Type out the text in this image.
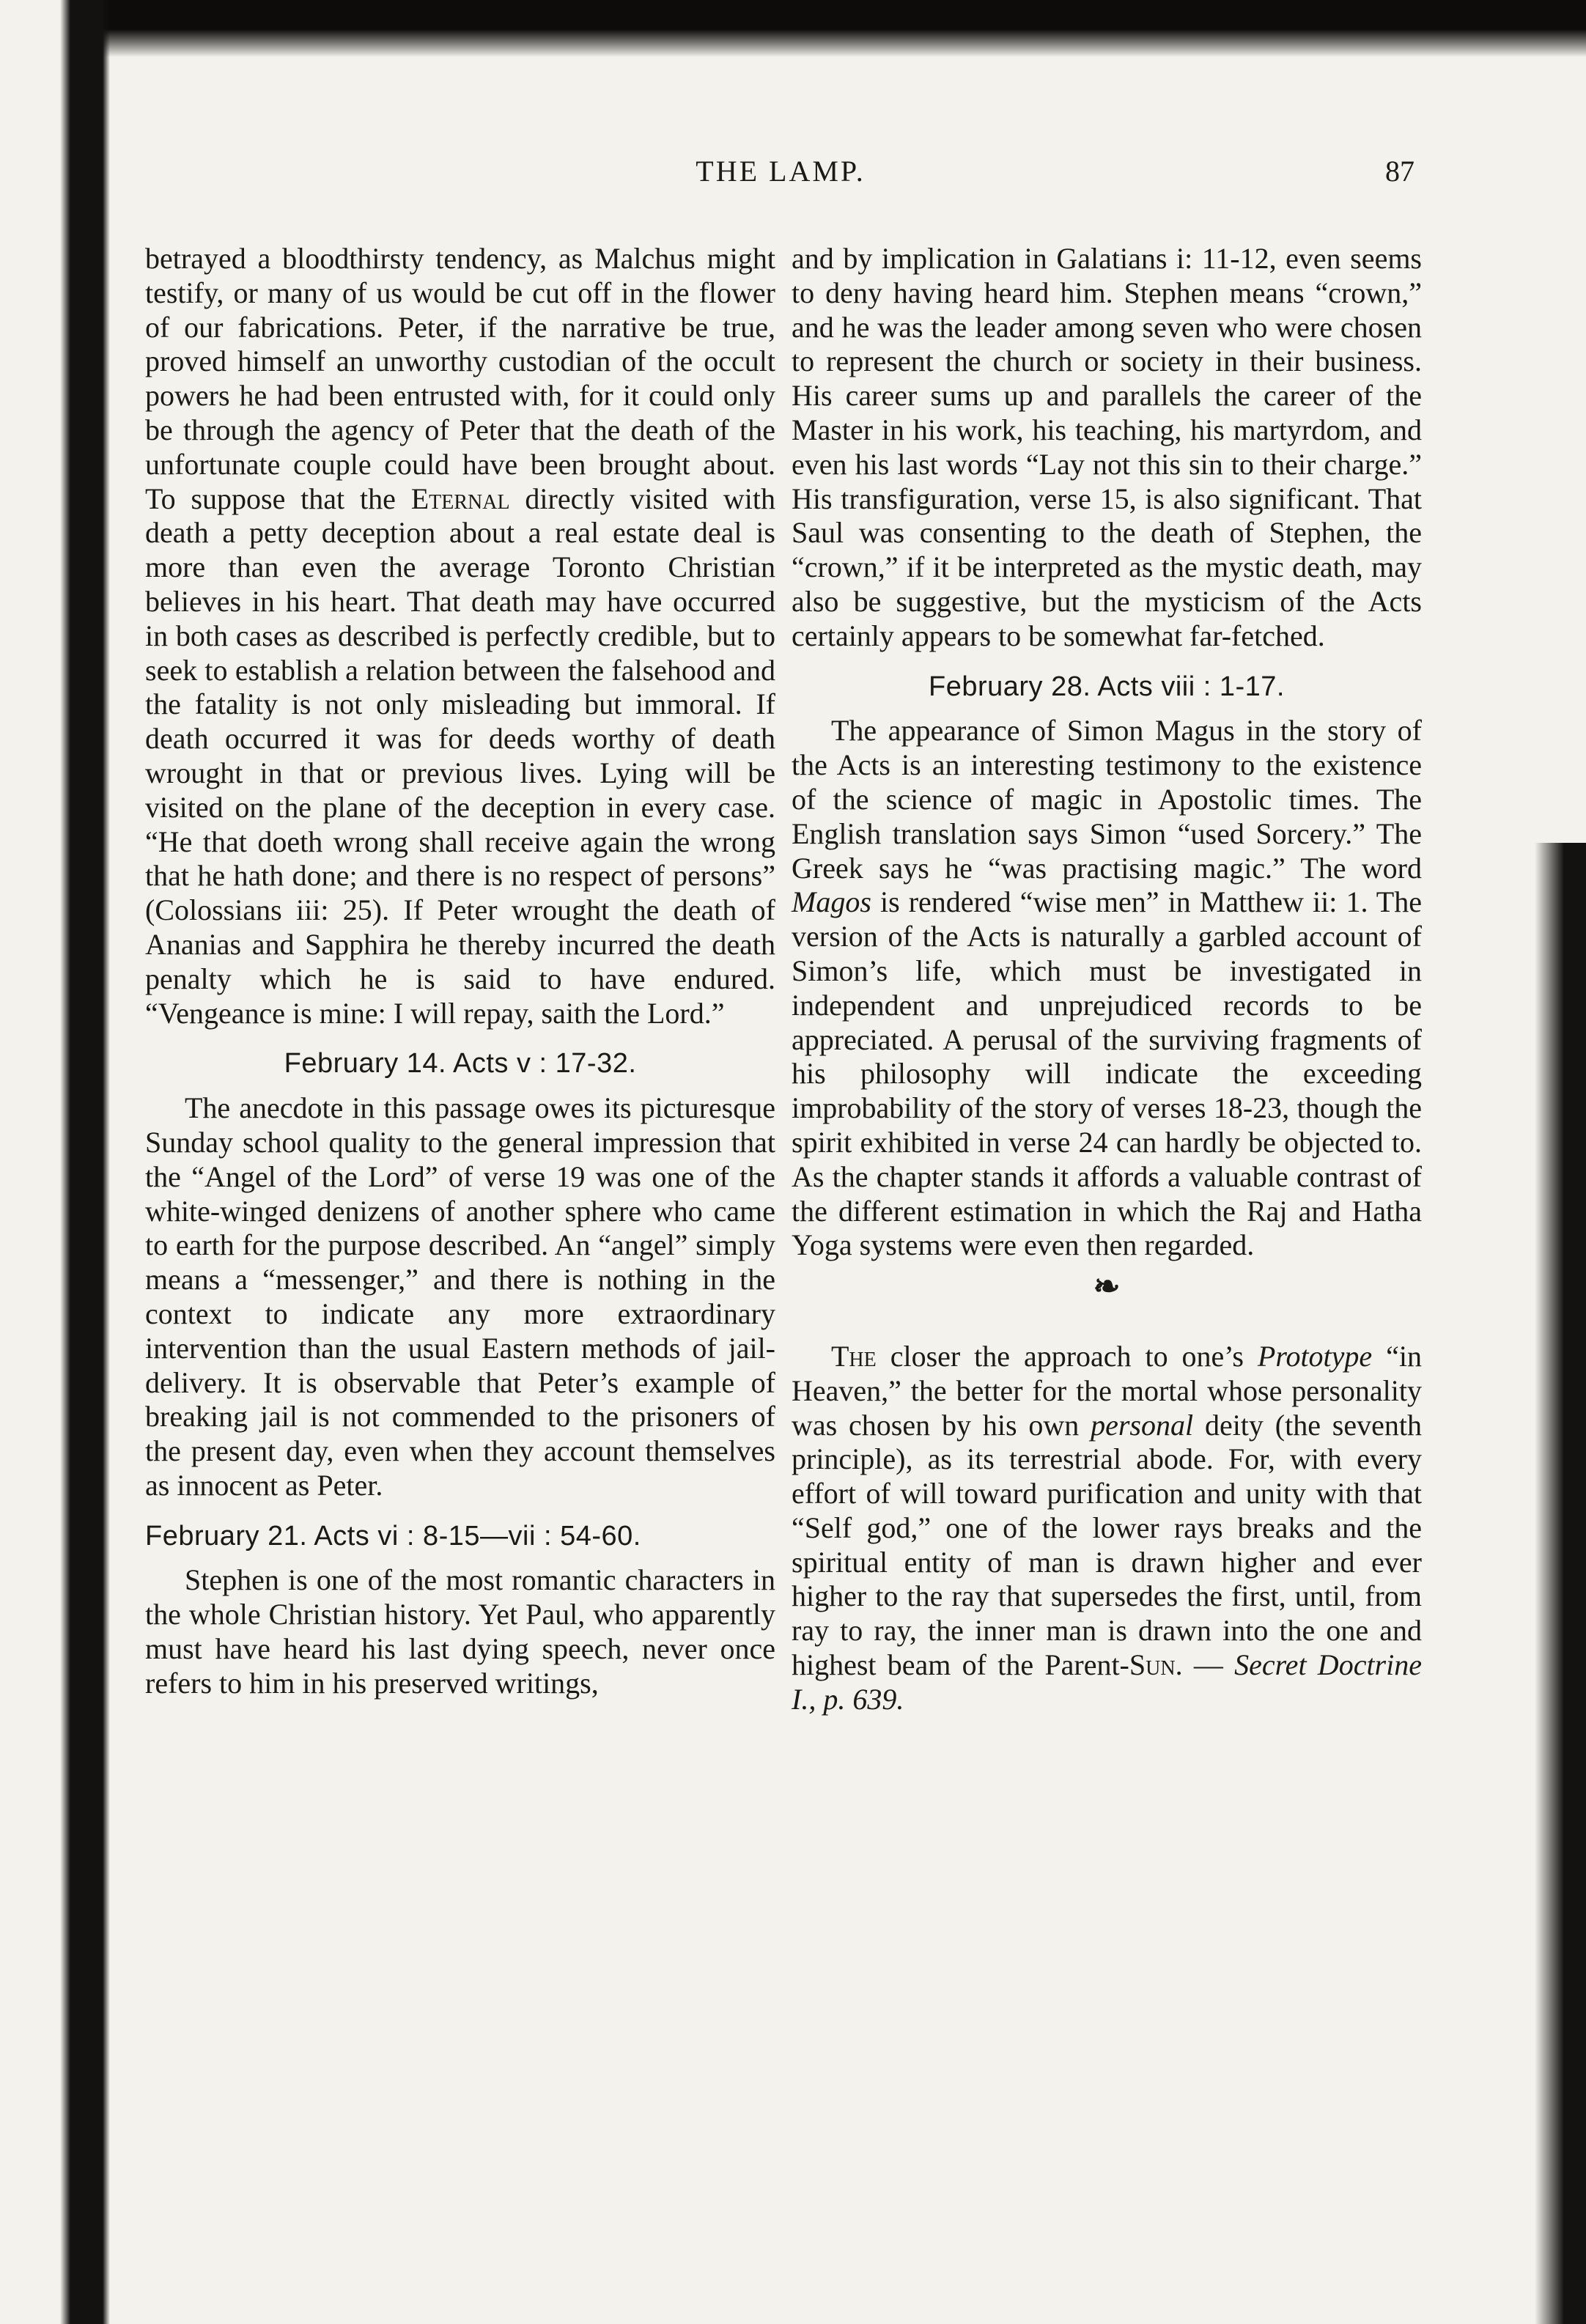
THE LAMP.	87

betrayed a bloodthirsty tendency, as Malchus might testify, or many of us would be cut off in the flower of our fabrications. Peter, if the narrative be true, proved himself an unworthy custodian of the occult powers he had been entrusted with, for it could only be through the agency of Peter that the death of the unfortunate couple could have been brought about. To suppose that the Eternal directly visited with death a petty deception about a real estate deal is more than even the average Toronto Christian believes in his heart. That death may have occurred in both cases as described is perfectly credible, but to seek to establish a relation between the falsehood and the fatality is not only misleading but immoral. If death occurred it was for deeds worthy of death wrought in that or previous lives. Lying will be visited on the plane of the deception in every case. “He that doeth wrong shall receive again the wrong that he hath done; and there is no respect of persons” (Colossians iii: 25). If Peter wrought the death of Ananias and Sapphira he thereby incurred the death penalty which he is said to have endured. “Vengeance is mine: I will repay, saith the Lord.”

February 14. Acts v : 17-32.

The anecdote in this passage owes its picturesque Sunday school quality to the general impression that the “Angel of the Lord” of verse 19 was one of the white-winged denizens of another sphere who came to earth for the purpose described. An “angel” simply means a “messenger,” and there is nothing in the context to indicate any more extraordinary intervention than the usual Eastern methods of jail-delivery. It is observable that Peter’s example of breaking jail is not commended to the prisoners of the present day, even when they account themselves as innocent as Peter.

February 21. Acts vi : 8-15—vii : 54-60.

Stephen is one of the most romantic characters in the whole Christian history. Yet Paul, who apparently must have heard his last dying speech, never once refers to him in his preserved writings,

and by implication in Galatians i: 11-12, even seems to deny having heard him. Stephen means “crown,” and he was the leader among seven who were chosen to represent the church or society in their business. His career sums up and parallels the career of the Master in his work, his teaching, his martyrdom, and even his last words “Lay not this sin to their charge.” His transfiguration, verse 15, is also significant. That Saul was consenting to the death of Stephen, the “crown,” if it be interpreted as the mystic death, may also be suggestive, but the mysticism of the Acts certainly appears to be somewhat far-fetched.

February 28. Acts viii : 1-17.

The appearance of Simon Magus in the story of the Acts is an interesting testimony to the existence of the science of magic in Apostolic times. The English translation says Simon “used Sorcery.” The Greek says he “was practising magic.” The word Magos is rendered “wise men” in Matthew ii: 1. The version of the Acts is naturally a garbled account of Simon’s life, which must be investigated in independent and unprejudiced records to be appreciated. A perusal of the surviving fragments of his philosophy will indicate the exceeding improbability of the story of verses 18-23, though the spirit exhibited in verse 24 can hardly be objected to. As the chapter stands it affords a valuable contrast of the different estimation in which the Raj and Hatha Yoga systems were even then regarded.

❧

The closer the approach to one’s Prototype “in Heaven,” the better for the mortal whose personality was chosen by his own personal deity (the seventh principle), as its terrestrial abode. For, with every effort of will toward purification and unity with that “Self god,” one of the lower rays breaks and the spiritual entity of man is drawn higher and ever higher to the ray that supersedes the first, until, from ray to ray, the inner man is drawn into the one and highest beam of the Parent-Sun. — Secret Doctrine I., p. 639.
